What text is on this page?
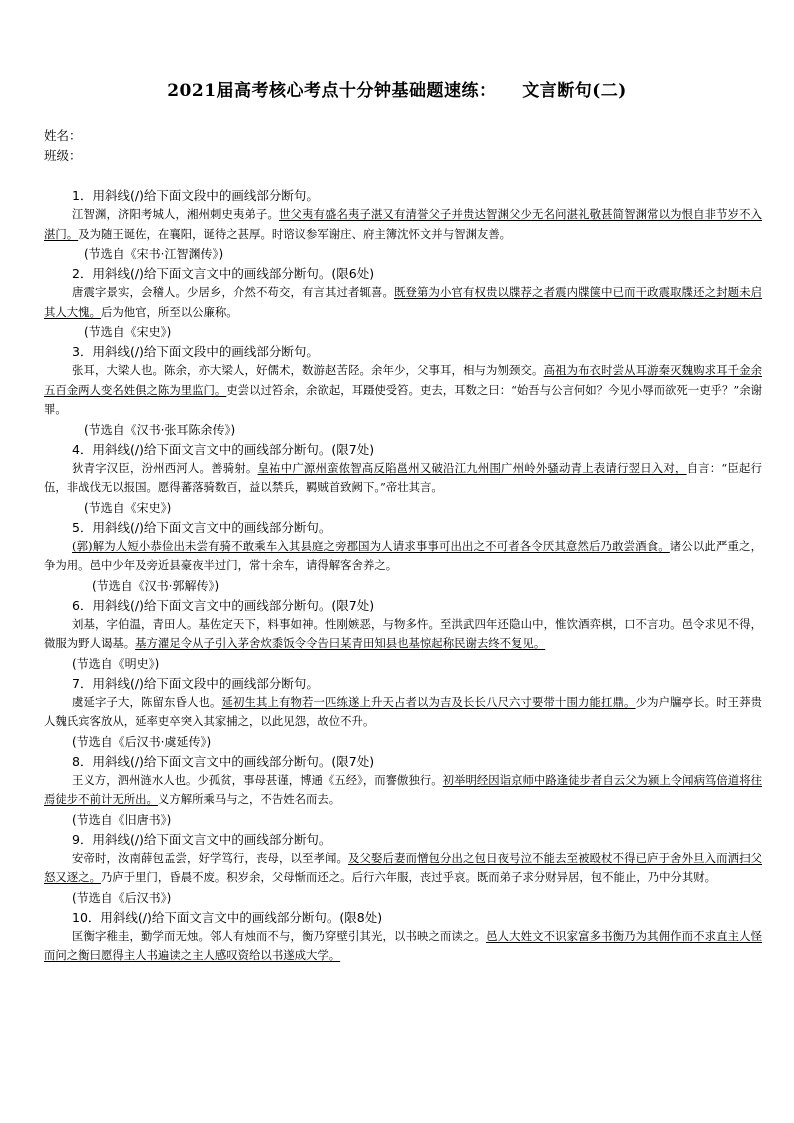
2021届高考核心考点十分钟基础题速练：    文言断句(二)
姓名：
班级：

1．用斜线(/)给下面文段中的画线部分断句。

江智渊，济阳考城人，湘州刺史夷弟子。世父夷有盛名夷子湛又有清誉父子并贵达智渊父少无名问湛礼敬甚简智渊常以为恨自非节岁不入湛门。及为随王诞佐，在襄阳，诞待之甚厚。时谘议参军谢庄、府主簿沈怀文并与智渊友善。

(节选自《宋书·江智渊传》)

2．用斜线(/)给下面文言文中的画线部分断句。(限6处)

唐震字景实，会稽人。少居乡，介然不苟交，有言其过者辄喜。既登第为小官有权贵以牒荐之者震内牒箧中已而干政震取牒还之封题未启其人大愧。后为他官，所至以公廉称。

(节选自《宋史》)

3．用斜线(/)给下面文段中的画线部分断句。

张耳，大梁人也。陈余，亦大梁人，好儒术，数游赵苦陉。余年少，父事耳，相与为刎颈交。高祖为布衣时尝从耳游秦灭魏购求耳千金余五百金两人变名姓俱之陈为里监门。吏尝以过笞余，余欲起，耳蹑使受笞。吏去，耳数之曰：“始吾与公言何如？今见小辱而欲死一吏乎？”余谢罪。

(节选自《汉书·张耳陈余传》)

4．用斜线(/)给下面文言文中的画线部分断句。(限7处)

狄青字汉臣，汾州西河人。善骑射。皇祐中广源州蛮侬智高反陷邕州又破沿江九州围广州岭外骚动青上表请行翌日入对，自言：“臣起行伍，非战伐无以报国。愿得蕃落骑数百，益以禁兵，羁贼首致阙下。”帝壮其言。

(节选自《宋史》)

5．用斜线(/)给下面文言文中的画线部分断句。

(郭)解为人短小恭俭出未尝有骑不敢乘车入其县庭之旁郡国为人请求事事可出出之不可者各令厌其意然后乃敢尝酒食。诸公以此严重之，争为用。邑中少年及旁近县豪夜半过门，常十余车，请得解客舍养之。

(节选自《汉书·郭解传》)

6．用斜线(/)给下面文言文中的画线部分断句。(限7处)

刘基，字伯温，青田人。基佐定天下，料事如神。性刚嫉恶，与物多忤。至洪武四年还隐山中，惟饮酒弈棋，口不言功。邑令求见不得，微服为野人谒基。基方濯足令从子引入茅舍炊黍饭令令告曰某青田知县也基惊起称民谢去终不复见。

(节选自《明史》)

7．用斜线(/)给下面文段中的画线部分断句。

虞延字子大，陈留东昏人也。延初生其上有物若一匹练遂上升天占者以为吉及长长八尺六寸要带十围力能扛鼎。少为户牖亭长。时王莽贵人魏氏宾客放从，延率吏卒突入其家捕之，以此见怨，故位不升。

(节选自《后汉书·虞延传》)

8．用斜线(/)给下面文言文中的画线部分断句。(限7处)

王义方，泗州涟水人也。少孤贫，事母甚谨，博通《五经》，而謇傲独行。初举明经因诣京师中路逢徒步者自云父为颍上令闻病笃倍道将往焉徒步不前计无所出。义方解所乘马与之，不告姓名而去。

(节选自《旧唐书》)

9．用斜线(/)给下面文言文中的画线部分断句。

安帝时，汝南薛包孟尝，好学笃行，丧母，以至孝闻。及父娶后妻而憎包分出之包日夜号泣不能去至被殴杖不得已庐于舍外旦入而洒扫父怒又逐之。乃庐于里门，昏晨不废。积岁余，父母惭而还之。后行六年服，丧过乎哀。既而弟子求分财异居，包不能止，乃中分其财。

(节选自《后汉书》)

10．用斜线(/)给下面文言文中的画线部分断句。(限8处)

匡衡字稚圭，勤学而无烛。邻人有烛而不与，衡乃穿壁引其光，以书映之而读之。邑人大姓文不识家富多书衡乃为其佣作而不求直主人怪而问之衡曰愿得主人书遍读之主人感叹资给以书遂成大学。
